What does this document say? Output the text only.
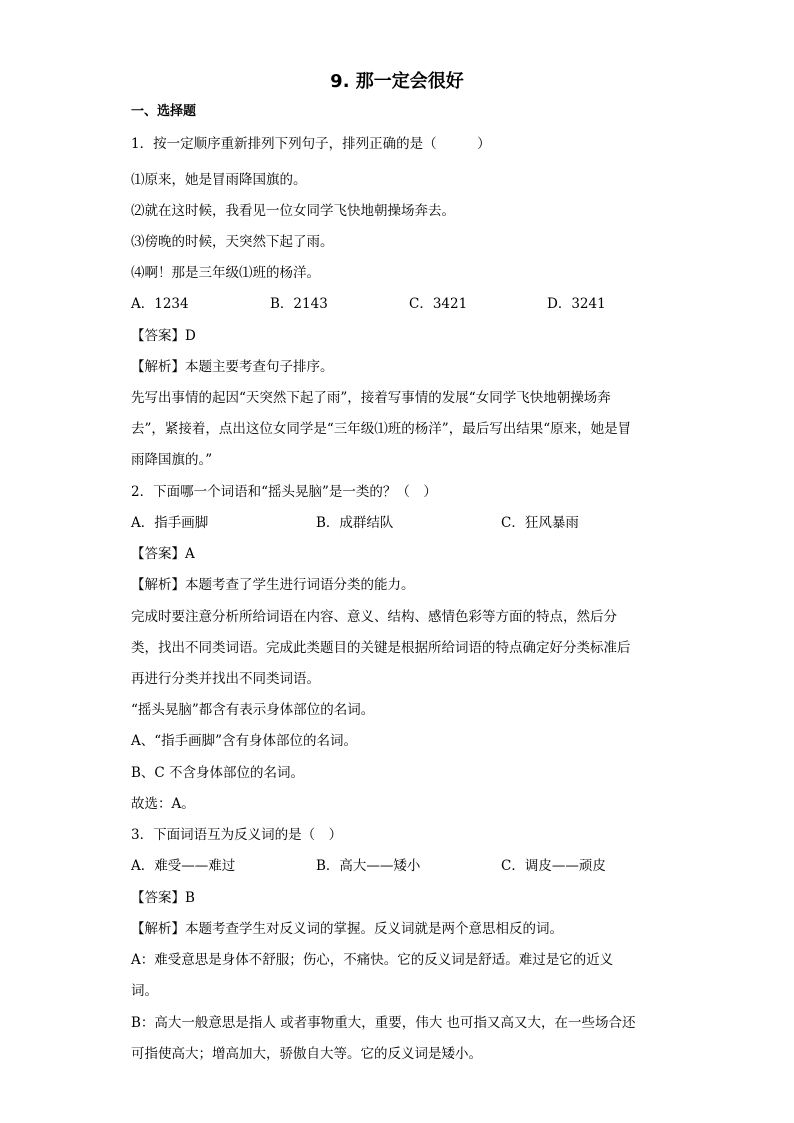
9. 那一定会很好
一、选择题
1．按一定顺序重新排列下列句子，排列正确的是（　　　）
⑴原来，她是冒雨降国旗的。
⑵就在这时候，我看见一位女同学飞快地朝操场奔去。
⑶傍晚的时候，天突然下起了雨。
⑷啊！那是三年级⑴班的杨洋。
A．1234	B．2143	C．3421	D．3241
【答案】D
【解析】本题主要考查句子排序。
先写出事情的起因“天突然下起了雨”，接着写事情的发展“女同学飞快地朝操场奔
去”，紧接着，点出这位女同学是“三年级⑴班的杨洋”，最后写出结果“原来，她是冒
雨降国旗的。”
2．下面哪一个词语和“摇头晃脑”是一类的？（　）
A．指手画脚	B．成群结队	C．狂风暴雨
【答案】A
【解析】本题考查了学生进行词语分类的能力。
完成时要注意分析所给词语在内容、意义、结构、感情色彩等方面的特点，然后分
类，找出不同类词语。完成此类题目的关键是根据所给词语的特点确定好分类标准后
再进行分类并找出不同类词语。
“摇头晃脑”都含有表示身体部位的名词。
A、“指手画脚”含有身体部位的名词。
B、C 不含身体部位的名词。
故选：A。
3．下面词语互为反义词的是（　）
A．难受——难过	B．高大——矮小	C．调皮——顽皮
【答案】B
【解析】本题考查学生对反义词的掌握。反义词就是两个意思相反的词。
A：难受意思是身体不舒服；伤心，不痛快。它的反义词是舒适。难过是它的近义
词。
B：高大一般意思是指人 或者事物重大，重要，伟大 也可指又高又大，在一些场合还
可指使高大；增高加大，骄傲自大等。它的反义词是矮小。
